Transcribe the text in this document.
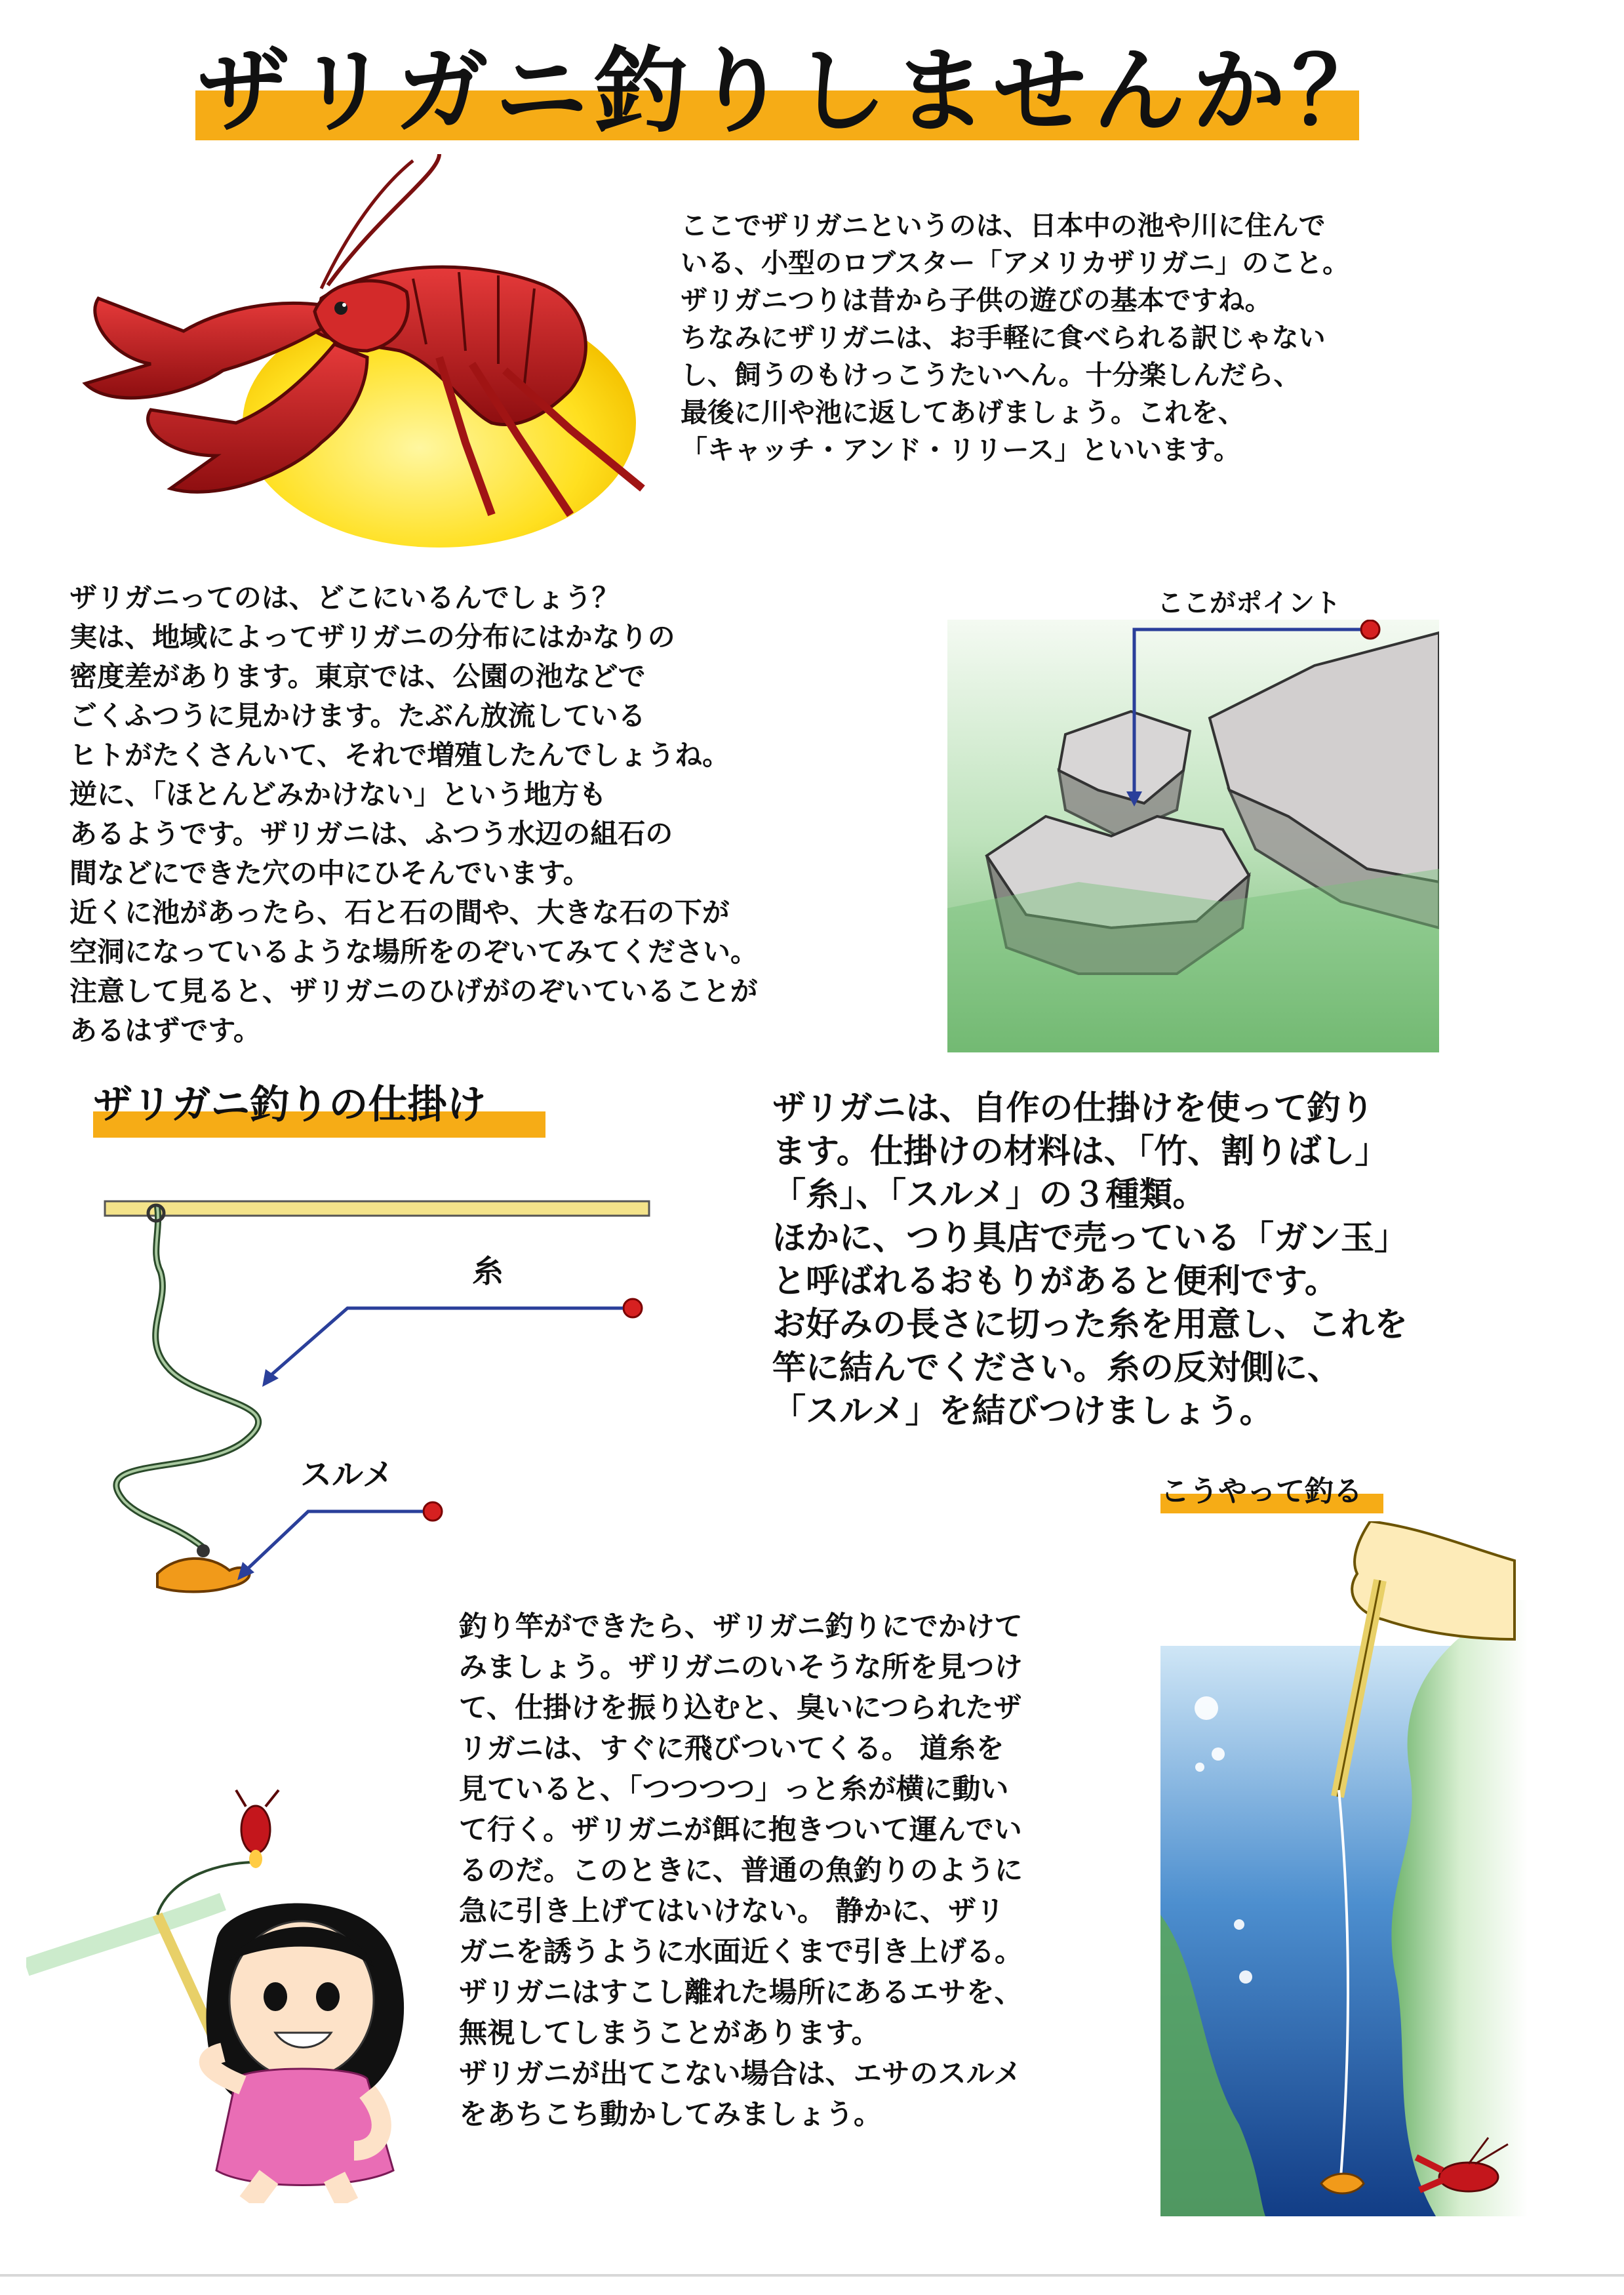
ザリガニ釣りしませんか？
ここでザリガニというのは、日本中の池や川に住んで
いる、小型のロブスター「アメリカザリガニ」のこと。
ザリガニつりは昔から子供の遊びの基本ですね。
ちなみにザリガニは、お手軽に食べられる訳じゃない
し、飼うのもけっこうたいへん。十分楽しんだら、
最後に川や池に返してあげましょう。これを、
「キャッチ・アンド・リリース」といいます。
ザリガニってのは、どこにいるんでしょう？
実は、地域によってザリガニの分布にはかなりの
密度差があります。東京では、公園の池などで
ごくふつうに見かけます。たぶん放流している
ヒトがたくさんいて、それで増殖したんでしょうね。
逆に、「ほとんどみかけない」という地方も
あるようです。ザリガニは、ふつう水辺の組石の
間などにできた穴の中にひそんでいます。
近くに池があったら、石と石の間や、大きな石の下が
空洞になっているような場所をのぞいてみてください。
注意して見ると、ザリガニのひげがのぞいていることが
あるはずです。
ここがポイント
ザリガニ釣りの仕掛け
糸
スルメ
ザリガニは、自作の仕掛けを使って釣り
ます。仕掛けの材料は、「竹、割りばし」
「糸」、「スルメ」の３種類。
ほかに、つり具店で売っている「ガン玉」
と呼ばれるおもりがあると便利です。
お好みの長さに切った糸を用意し、これを
竿に結んでください。糸の反対側に、
「スルメ」を結びつけましょう。
こうやって釣る
釣り竿ができたら、ザリガニ釣りにでかけて
みましょう。ザリガニのいそうな所を見つけ
て、仕掛けを振り込むと、臭いにつられたザ
リガニは、すぐに飛びついてくる。 道糸を
見ていると、「つつつつ」っと糸が横に動い
て行く。ザリガニが餌に抱きついて運んでい
るのだ。このときに、普通の魚釣りのように
急に引き上げてはいけない。 静かに、ザリ
ガニを誘うように水面近くまで引き上げる。
ザリガニはすこし離れた場所にあるエサを、
無視してしまうことがあります。
ザリガニが出てこない場合は、エサのスルメ
をあちこち動かしてみましょう。
